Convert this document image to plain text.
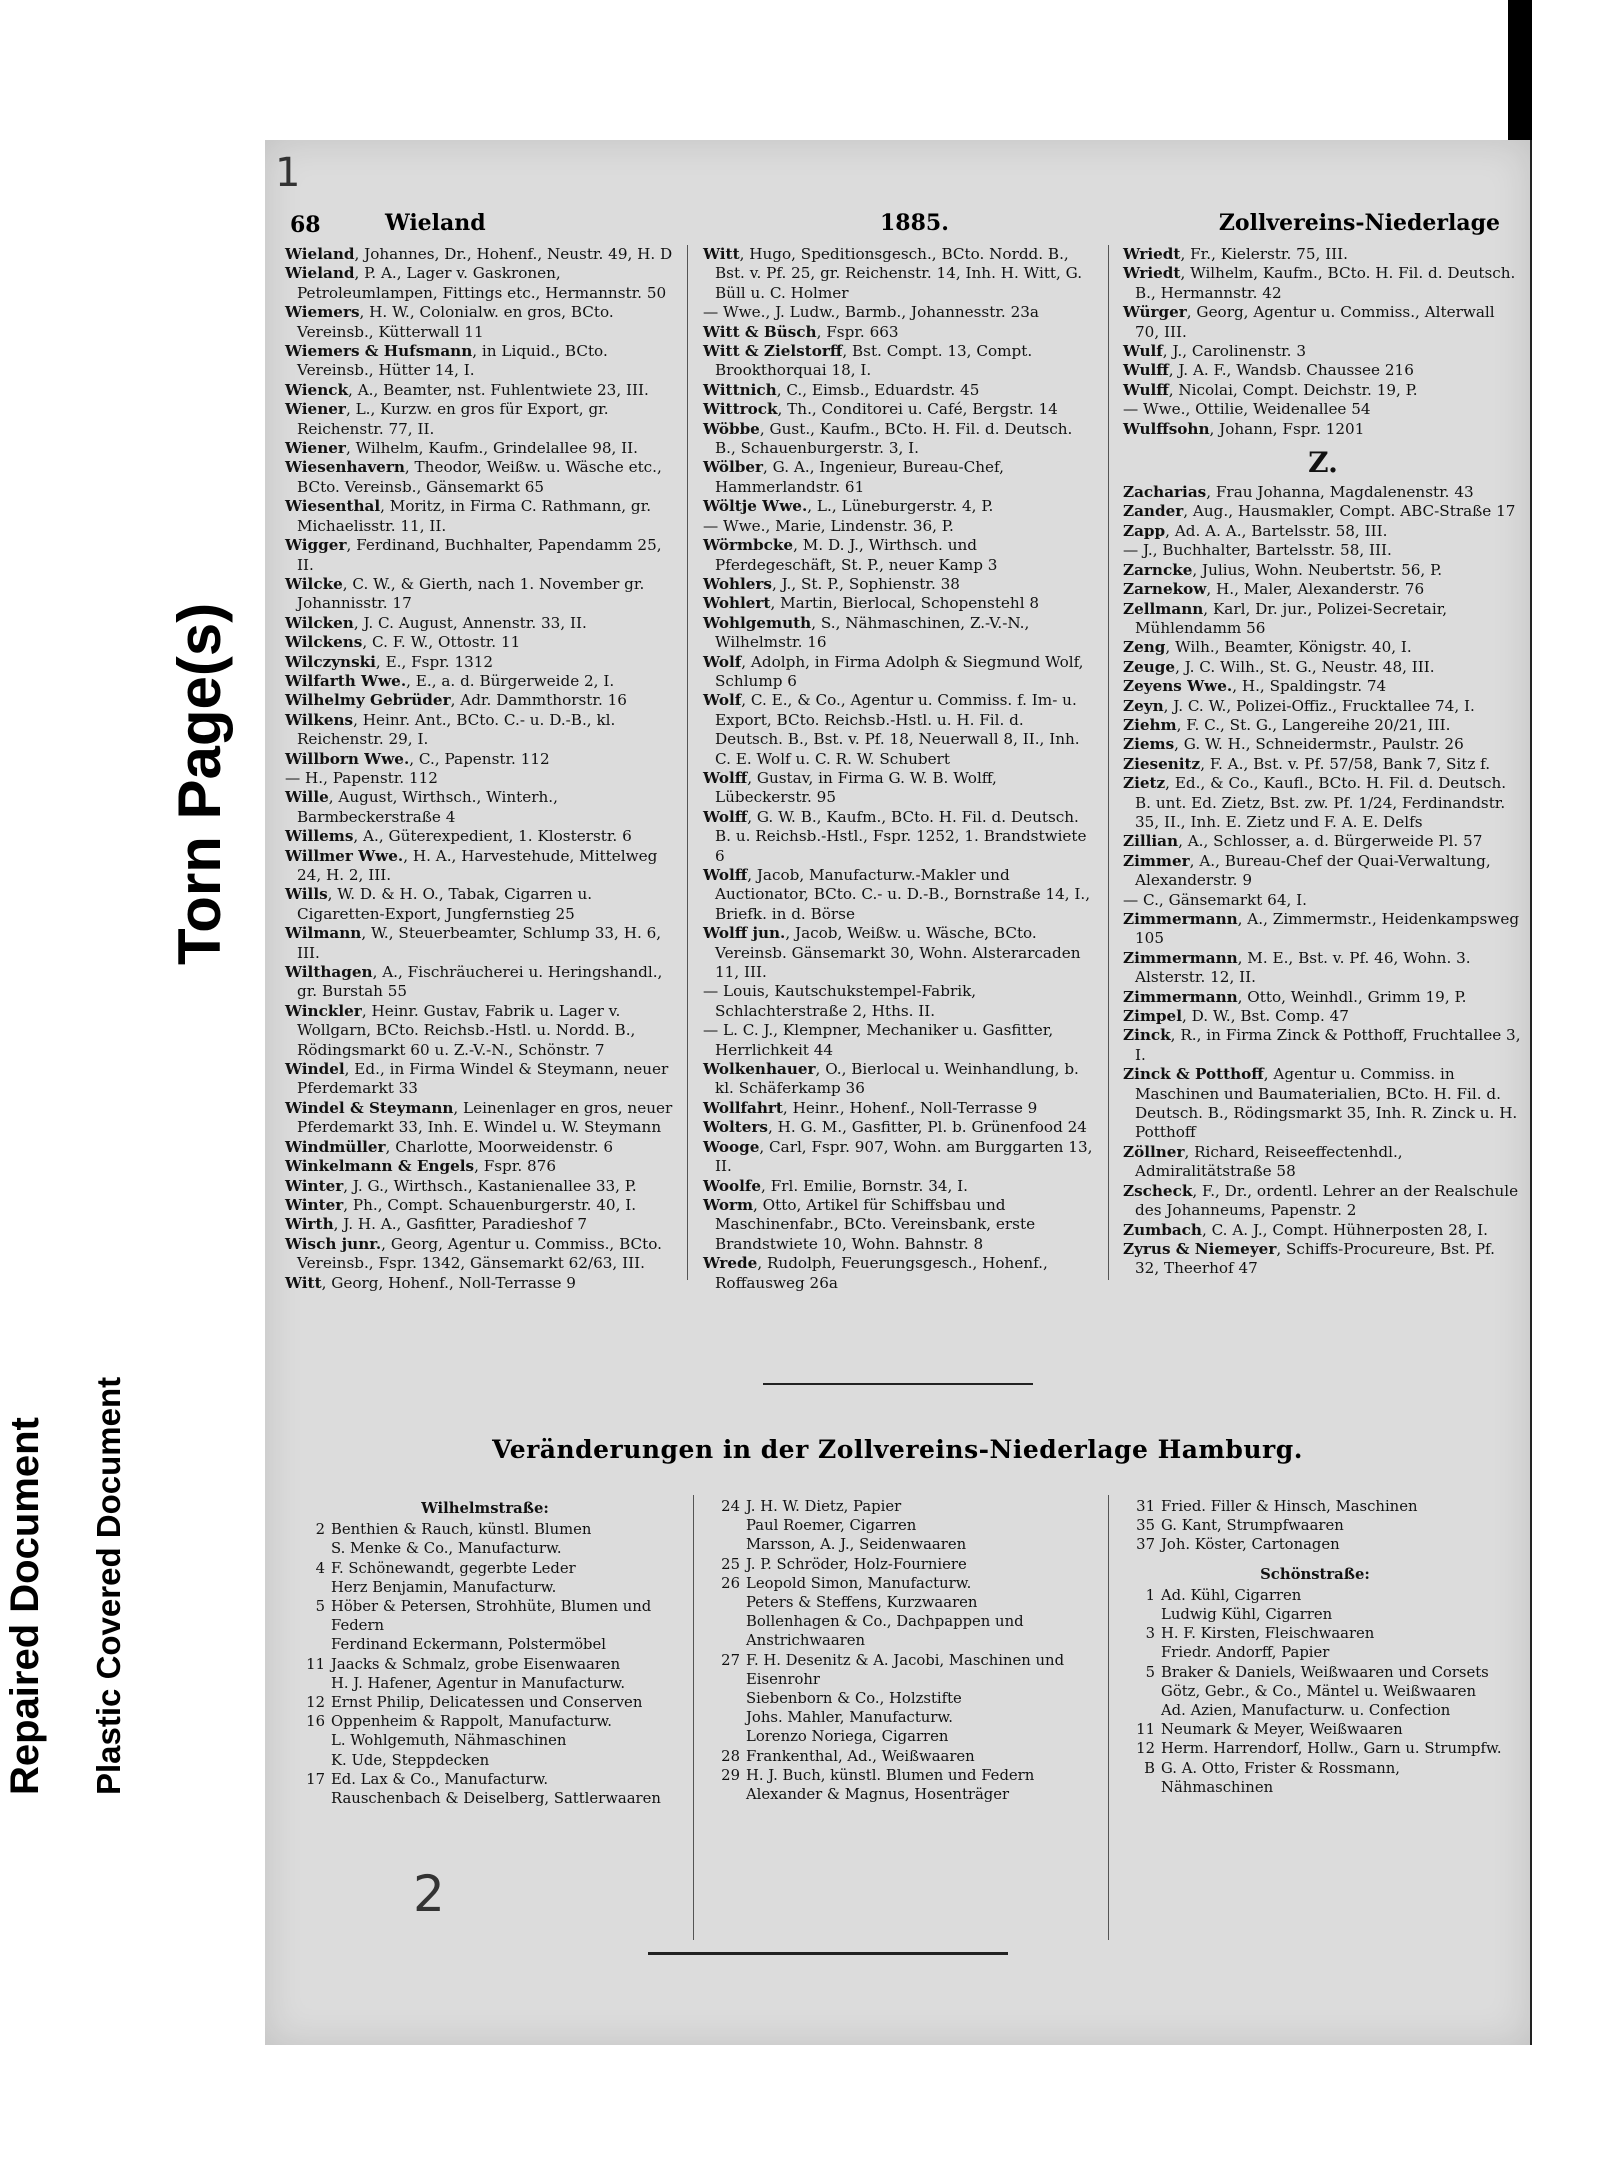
Torn Page(s)
Repaired Document Plastic Covered Document
1
2
68	Wieland	1885.	Zollvereins-Niederlage
Wieland, Johannes, Dr., Hohenf., Neustr. 49, H. D
Wieland, P. A., Lager v. Gaskronen, Petroleumlampen, Fittings etc., Hermannstr. 50
Wiemers, H. W., Colonialw. en gros, BCto. Vereinsb., Kütterwall 11
Wiemers & Hufsmann, in Liquid., BCto. Vereinsb., Hütter 14, I.
Wienck, A., Beamter, nst. Fuhlentwiete 23, III.
Wiener, L., Kurzw. en gros für Export, gr. Reichenstr. 77, II.
Wiener, Wilhelm, Kaufm., Grindelallee 98, II.
Wiesenhavern, Theodor, Weißw. u. Wäsche etc., BCto. Vereinsb., Gänsemarkt 65
Wiesenthal, Moritz, in Firma C. Rathmann, gr. Michaelisstr. 11, II.
Wigger, Ferdinand, Buchhalter, Papendamm 25, II.
Wilcke, C. W., & Gierth, nach 1. November gr. Johannisstr. 17
Wilcken, J. C. August, Annenstr. 33, II.
Wilckens, C. F. W., Ottostr. 11
Wilczynski, E., Fspr. 1312
Wilfarth Wwe., E., a. d. Bürgerweide 2, I.
Wilhelmy Gebrüder, Adr. Dammthorstr. 16
Wilkens, Heinr. Ant., BCto. C.- u. D.-B., kl. Reichenstr. 29, I.
Willborn Wwe., C., Papenstr. 112
— H., Papenstr. 112
Wille, August, Wirthsch., Winterh., Barmbeckerstraße 4
Willems, A., Güterexpedient, 1. Klosterstr. 6
Willmer Wwe., H. A., Harvestehude, Mittelweg 24, H. 2, III.
Wills, W. D. & H. O., Tabak, Cigarren u. Cigaretten-Export, Jungfernstieg 25
Wilmann, W., Steuerbeamter, Schlump 33, H. 6, III.
Wilthagen, A., Fischräucherei u. Heringshandl., gr. Burstah 55
Winckler, Heinr. Gustav, Fabrik u. Lager v. Wollgarn, BCto. Reichsb.-Hstl. u. Nordd. B., Rödingsmarkt 60 u. Z.-V.-N., Schönstr. 7
Windel, Ed., in Firma Windel & Steymann, neuer Pferdemarkt 33
Windel & Steymann, Leinenlager en gros, neuer Pferdemarkt 33, Inh. E. Windel u. W. Steymann
Windmüller, Charlotte, Moorweidenstr. 6
Winkelmann & Engels, Fspr. 876
Winter, J. G., Wirthsch., Kastanienallee 33, P.
Winter, Ph., Compt. Schauenburgerstr. 40, I.
Wirth, J. H. A., Gasfitter, Paradieshof 7
Wisch junr., Georg, Agentur u. Commiss., BCto. Vereinsb., Fspr. 1342, Gänsemarkt 62/63, III.
Witt, Georg, Hohenf., Noll-Terrasse 9
Witt, Hugo, Speditionsgesch., BCto. Nordd. B., Bst. v. Pf. 25, gr. Reichenstr. 14, Inh. H. Witt, G. Büll u. C. Holmer
— Wwe., J. Ludw., Barmb., Johannesstr. 23a
Witt & Büsch, Fspr. 663
Witt & Zielstorff, Bst. Compt. 13, Compt. Brookthorquai 18, I.
Wittnich, C., Eimsb., Eduardstr. 45
Wittrock, Th., Conditorei u. Café, Bergstr. 14
Wöbbe, Gust., Kaufm., BCto. H. Fil. d. Deutsch. B., Schauenburgerstr. 3, I.
Wölber, G. A., Ingenieur, Bureau-Chef, Hammerlandstr. 61
Wöltje Wwe., L., Lüneburgerstr. 4, P.
— Wwe., Marie, Lindenstr. 36, P.
Wörmbcke, M. D. J., Wirthsch. und Pferdegeschäft, St. P., neuer Kamp 3
Wohlers, J., St. P., Sophienstr. 38
Wohlert, Martin, Bierlocal, Schopenstehl 8
Wohlgemuth, S., Nähmaschinen, Z.-V.-N., Wilhelmstr. 16
Wolf, Adolph, in Firma Adolph & Siegmund Wolf, Schlump 6
Wolf, C. E., & Co., Agentur u. Commiss. f. Im- u. Export, BCto. Reichsb.-Hstl. u. H. Fil. d. Deutsch. B., Bst. v. Pf. 18, Neuerwall 8, II., Inh. C. E. Wolf u. C. R. W. Schubert
Wolff, Gustav, in Firma G. W. B. Wolff, Lübeckerstr. 95
Wolff, G. W. B., Kaufm., BCto. H. Fil. d. Deutsch. B. u. Reichsb.-Hstl., Fspr. 1252, 1. Brandstwiete 6
Wolff, Jacob, Manufacturw.-Makler und Auctionator, BCto. C.- u. D.-B., Bornstraße 14, I., Briefk. in d. Börse
Wolff jun., Jacob, Weißw. u. Wäsche, BCto. Vereinsb. Gänsemarkt 30, Wohn. Alsterarcaden 11, III.
— Louis, Kautschukstempel-Fabrik, Schlachterstraße 2, Hths. II.
— L. C. J., Klempner, Mechaniker u. Gasfitter, Herrlichkeit 44
Wolkenhauer, O., Bierlocal u. Weinhandlung, b. kl. Schäferkamp 36
Wollfahrt, Heinr., Hohenf., Noll-Terrasse 9
Wolters, H. G. M., Gasfitter, Pl. b. Grünenfood 24
Wooge, Carl, Fspr. 907, Wohn. am Burggarten 13, II.
Woolfe, Frl. Emilie, Bornstr. 34, I.
Worm, Otto, Artikel für Schiffsbau und Maschinenfabr., BCto. Vereinsbank, erste Brandstwiete 10, Wohn. Bahnstr. 8
Wrede, Rudolph, Feuerungsgesch., Hohenf., Roffausweg 26a
Wriedt, Fr., Kielerstr. 75, III.
Wriedt, Wilhelm, Kaufm., BCto. H. Fil. d. Deutsch. B., Hermannstr. 42
Würger, Georg, Agentur u. Commiss., Alterwall 70, III.
Wulf, J., Carolinenstr. 3
Wulff, J. A. F., Wandsb. Chaussee 216
Wulff, Nicolai, Compt. Deichstr. 19, P.
— Wwe., Ottilie, Weidenallee 54
Wulffsohn, Johann, Fspr. 1201
Z.
Zacharias, Frau Johanna, Magdalenenstr. 43
Zander, Aug., Hausmakler, Compt. ABC-Straße 17
Zapp, Ad. A. A., Bartelsstr. 58, III.
— J., Buchhalter, Bartelsstr. 58, III.
Zarncke, Julius, Wohn. Neubertstr. 56, P.
Zarnekow, H., Maler, Alexanderstr. 76
Zellmann, Karl, Dr. jur., Polizei-Secretair, Mühlendamm 56
Zeng, Wilh., Beamter, Königstr. 40, I.
Zeuge, J. C. Wilh., St. G., Neustr. 48, III.
Zeyens Wwe., H., Spaldingstr. 74
Zeyn, J. C. W., Polizei-Offiz., Frucktallee 74, I.
Ziehm, F. C., St. G., Langereihe 20/21, III.
Ziems, G. W. H., Schneidermstr., Paulstr. 26
Ziesenitz, F. A., Bst. v. Pf. 57/58, Bank 7, Sitz f.
Zietz, Ed., & Co., Kaufl., BCto. H. Fil. d. Deutsch. B. unt. Ed. Zietz, Bst. zw. Pf. 1/24, Ferdinandstr. 35, II., Inh. E. Zietz und F. A. E. Delfs
Zillian, A., Schlosser, a. d. Bürgerweide Pl. 57
Zimmer, A., Bureau-Chef der Quai-Verwaltung, Alexanderstr. 9
— C., Gänsemarkt 64, I.
Zimmermann, A., Zimmermstr., Heidenkampsweg 105
Zimmermann, M. E., Bst. v. Pf. 46, Wohn. 3. Alsterstr. 12, II.
Zimmermann, Otto, Weinhdl., Grimm 19, P.
Zimpel, D. W., Bst. Comp. 47
Zinck, R., in Firma Zinck & Potthoff, Fruchtallee 3, I.
Zinck & Potthoff, Agentur u. Commiss. in Maschinen und Baumaterialien, BCto. H. Fil. d. Deutsch. B., Rödingsmarkt 35, Inh. R. Zinck u. H. Potthoff
Zöllner, Richard, Reiseeffectenhdl., Admiralitätstraße 58
Zscheck, F., Dr., ordentl. Lehrer an der Realschule des Johanneums, Papenstr. 2
Zumbach, C. A. J., Compt. Hühnerposten 28, I.
Zyrus & Niemeyer, Schiffs-Procureure, Bst. Pf. 32, Theerhof 47
Veränderungen in der Zollvereins-Niederlage Hamburg.
Wilhelmstraße:
2 Benthien & Rauch, künstl. Blumen
S. Menke & Co., Manufacturw.
4 F. Schönewandt, gegerbte Leder
Herz Benjamin, Manufacturw.
5 Höber & Petersen, Strohhüte, Blumen und Federn
Ferdinand Eckermann, Polstermöbel
11 Jaacks & Schmalz, grobe Eisenwaaren
H. J. Hafener, Agentur in Manufacturw.
12 Ernst Philip, Delicatessen und Conserven
16 Oppenheim & Rappolt, Manufacturw.
L. Wohlgemuth, Nähmaschinen
K. Ude, Steppdecken
17 Ed. Lax & Co., Manufacturw.
Rauschenbach & Deiselberg, Sattlerwaaren
24 J. H. W. Dietz, Papier
Paul Roemer, Cigarren
Marsson, A. J., Seidenwaaren
25 J. P. Schröder, Holz-Fourniere
26 Leopold Simon, Manufacturw.
Peters & Steffens, Kurzwaaren
Bollenhagen & Co., Dachpappen und Anstrichwaaren
27 F. H. Desenitz & A. Jacobi, Maschinen und Eisenrohr
Siebenborn & Co., Holzstifte
Johs. Mahler, Manufacturw.
Lorenzo Noriega, Cigarren
28 Frankenthal, Ad., Weißwaaren
29 H. J. Buch, künstl. Blumen und Federn
Alexander & Magnus, Hosenträger
31 Fried. Filler & Hinsch, Maschinen
35 G. Kant, Strumpfwaaren
37 Joh. Köster, Cartonagen
Schönstraße:
1 Ad. Kühl, Cigarren
Ludwig Kühl, Cigarren
3 H. F. Kirsten, Fleischwaaren
Friedr. Andorff, Papier
5 Braker & Daniels, Weißwaaren und Corsets
Götz, Gebr., & Co., Mäntel u. Weißwaaren
Ad. Azien, Manufacturw. u. Confection
11 Neumark & Meyer, Weißwaaren
12 Herm. Harrendorf, Hollw., Garn u. Strumpfw.
B G. A. Otto, Frister & Rossmann, Nähmaschinen
